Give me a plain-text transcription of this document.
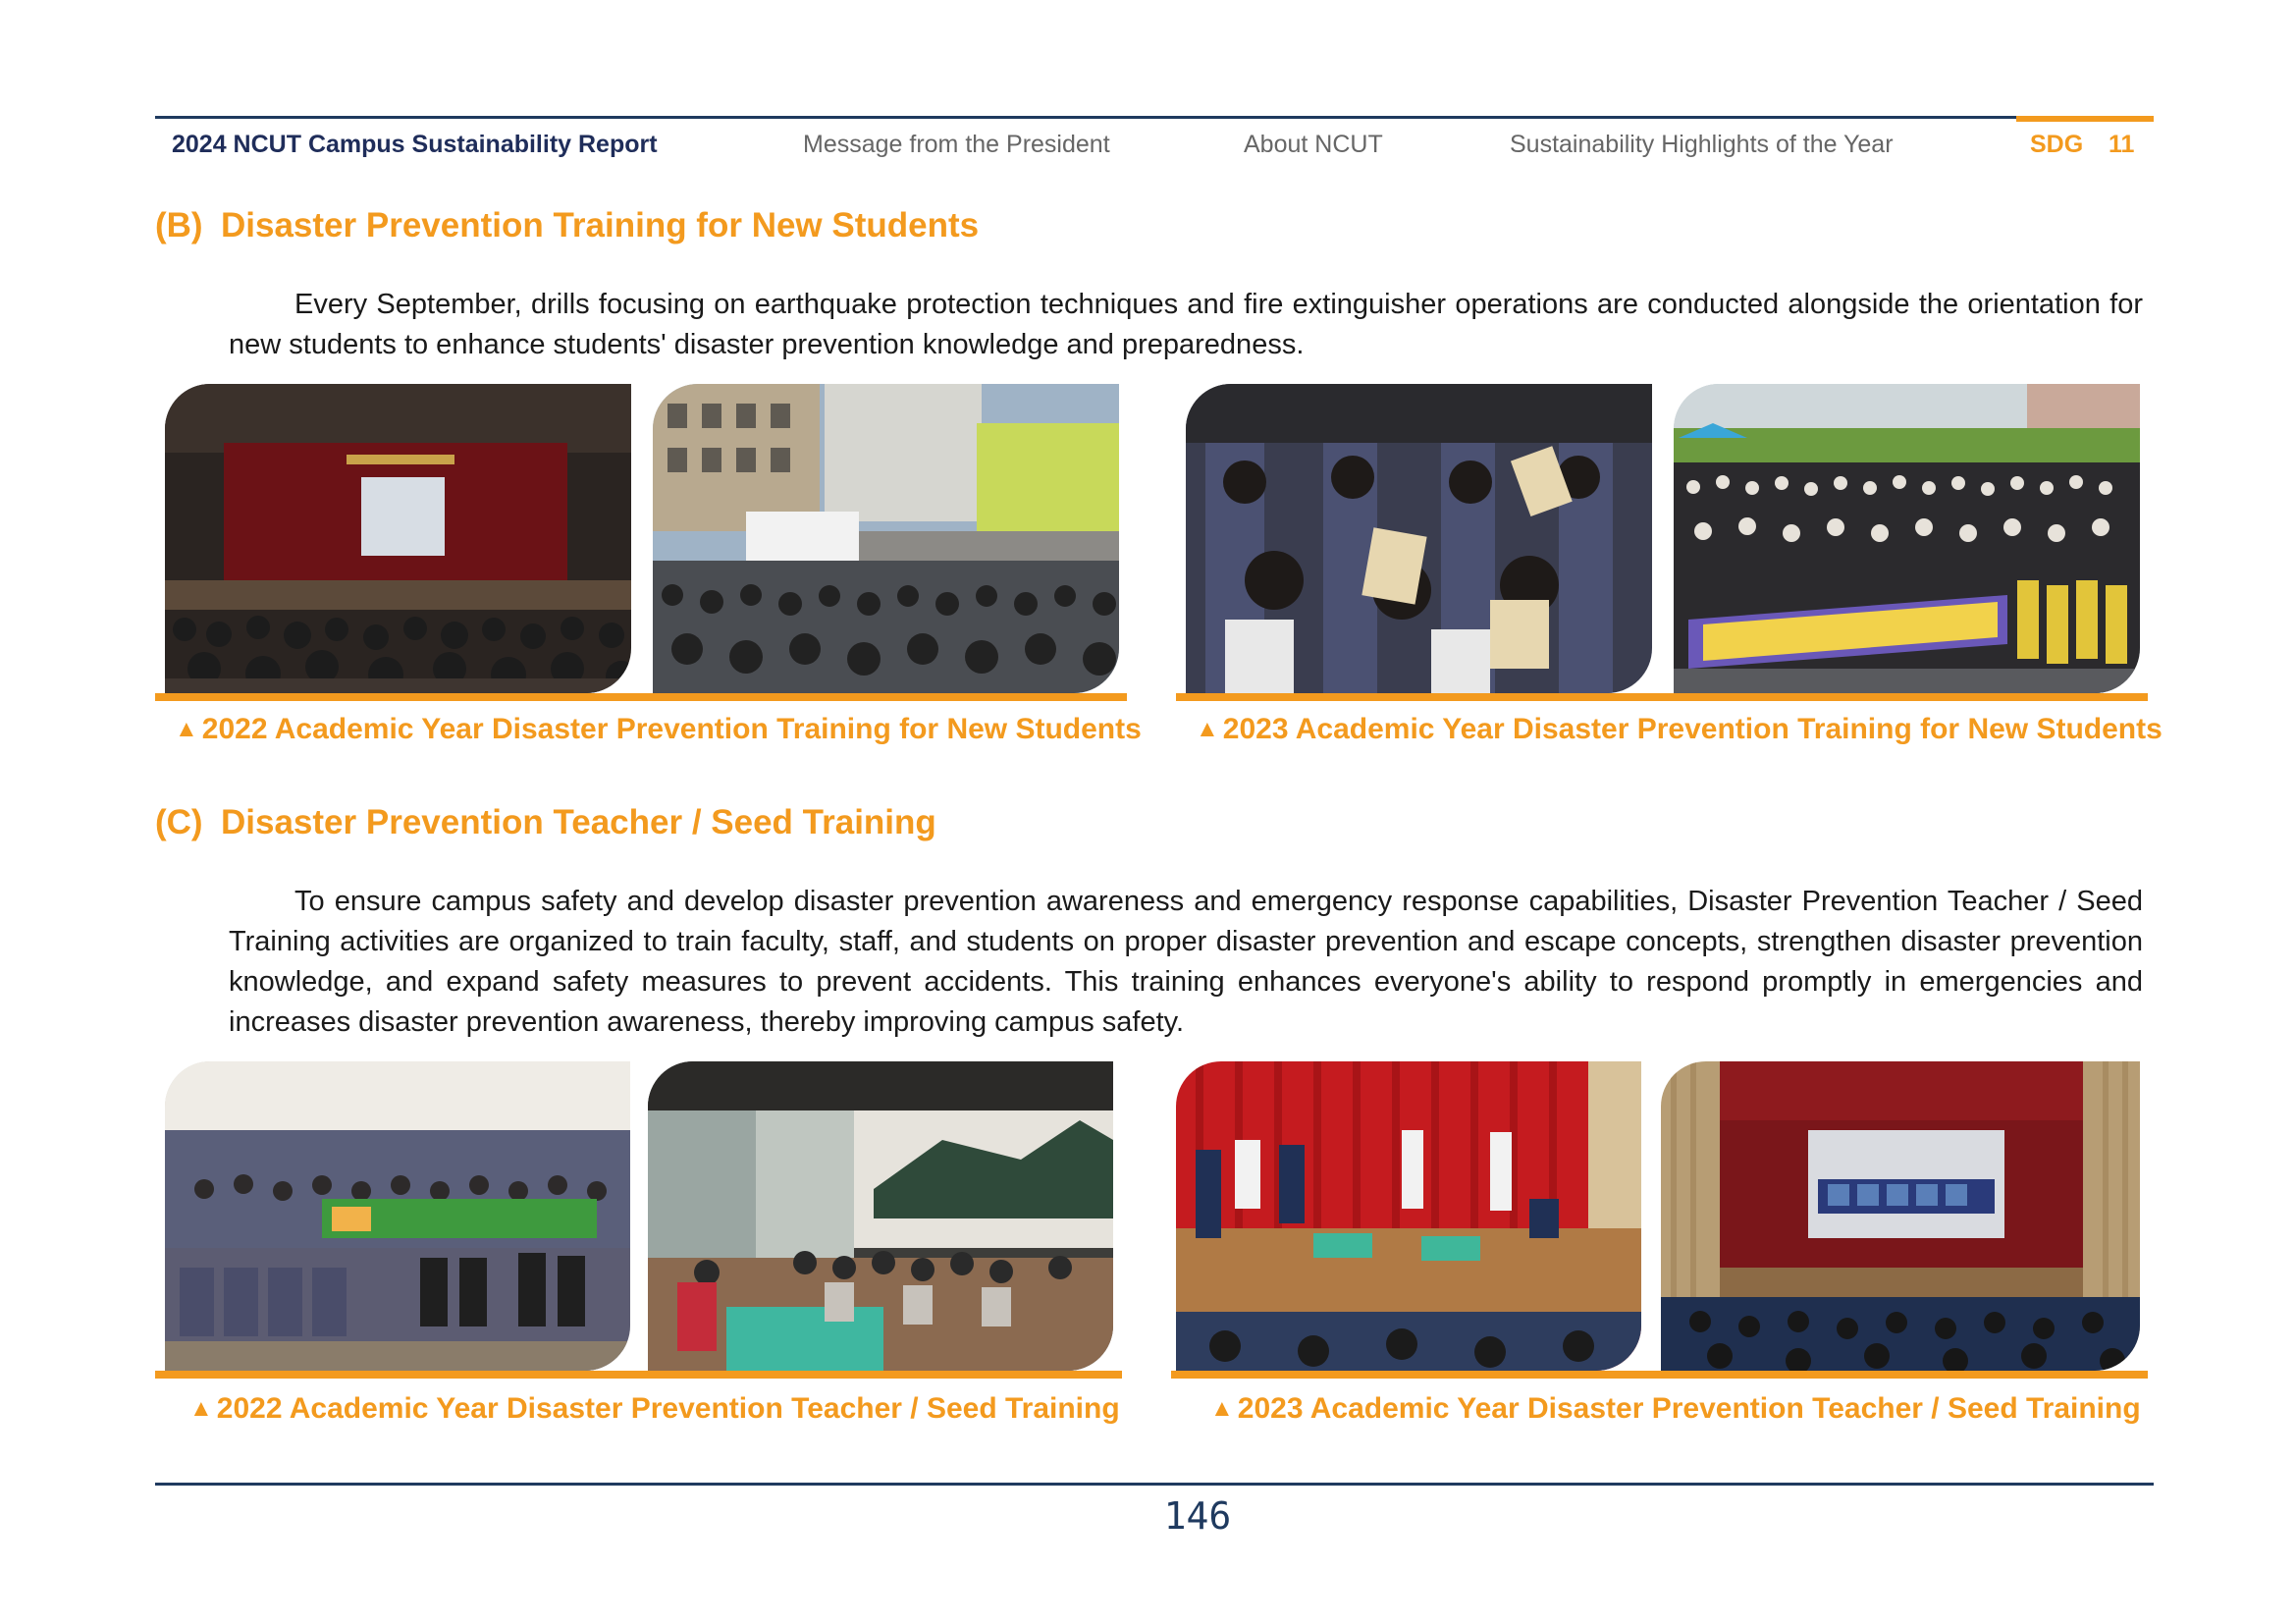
2024 NCUT Campus Sustainability Report	Message from the President	About NCUT	Sustainability Highlights of the Year	SDG 11
(B) Disaster Prevention Training for New Students
Every September, drills focusing on earthquake protection techniques and fire extinguisher operations are conducted alongside the orientation for new students to enhance students' disaster prevention knowledge and preparedness.
▲ 2022 Academic Year Disaster Prevention Training for New Students ▲ 2023 Academic Year Disaster Prevention Training for New Students
(C) Disaster Prevention Teacher / Seed Training
To ensure campus safety and develop disaster prevention awareness and emergency response capabilities, Disaster Prevention Teacher / Seed Training activities are organized to train faculty, staff, and students on proper disaster prevention and escape concepts, strengthen disaster prevention knowledge, and expand safety measures to prevent accidents. This training enhances everyone's ability to respond promptly in emergencies and increases disaster prevention awareness, thereby improving campus safety.
▲ 2022 Academic Year Disaster Prevention Teacher / Seed Training	▲ 2023 Academic Year Disaster Prevention Teacher / Seed Training
146
